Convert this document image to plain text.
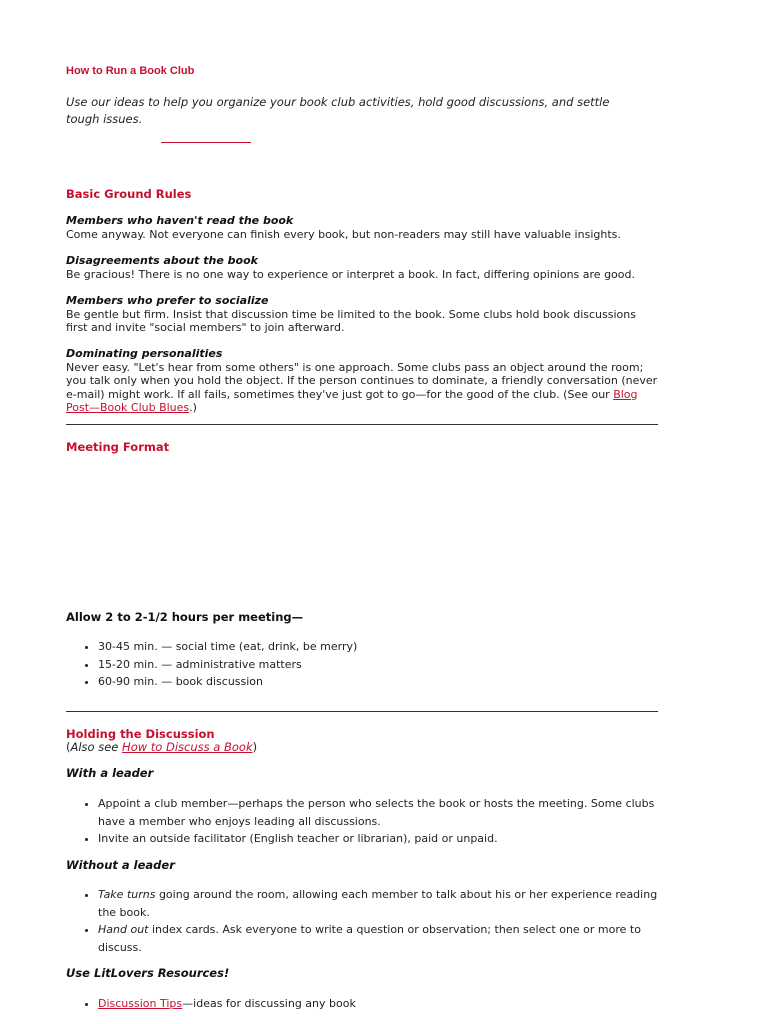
How to Run a Book Club
Use our ideas to help you organize your book club activities, hold good discussions, and settle tough issues.
Basic Ground Rules
Members who haven't read the book
Come anyway. Not everyone can finish every book, but non-readers may still have valuable insights.
Disagreements about the book
Be gracious! There is no one way to experience or interpret a book. In fact, differing opinions are good.
Members who prefer to socialize
Be gentle but firm. Insist that discussion time be limited to the book. Some clubs hold book discussions first and invite "social members" to join afterward.
Dominating personalities
Never easy. "Let's hear from some others" is one approach. Some clubs pass an object around the room; you talk only when you hold the object. If the person continues to dominate, a friendly conversation (never e-mail) might work. If all fails, sometimes they've just got to go—for the good of the club. (See our Blog Post—Book Club Blues.)
Meeting Format
Allow 2 to 2-1/2 hours per meeting—
• 30-45 min. — social time (eat, drink, be merry)
• 15-20 min. — administrative matters
• 60-90 min. — book discussion
Holding the Discussion
(Also see How to Discuss a Book)
With a leader
• Appoint a club member—perhaps the person who selects the book or hosts the meeting. Some clubs have a member who enjoys leading all discussions.
• Invite an outside facilitator (English teacher or librarian), paid or unpaid.
Without a leader
• Take turns going around the room, allowing each member to talk about his or her experience reading the book.
• Hand out index cards. Ask everyone to write a question or observation; then select one or more to discuss.
Use LitLovers Resources!
• Discussion Tips—ideas for discussing any book
